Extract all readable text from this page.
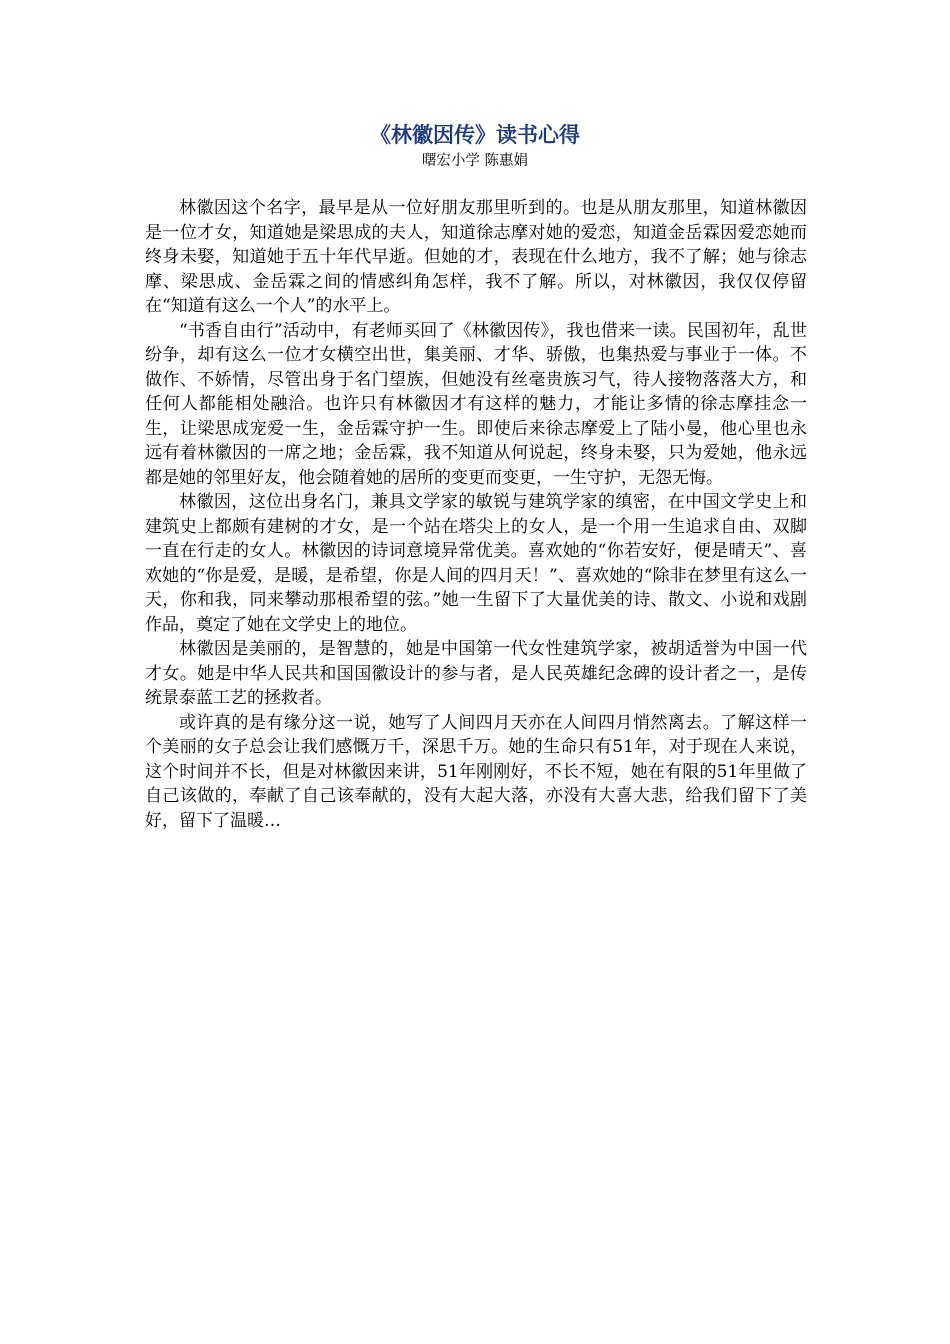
《林徽因传》读书心得
曙宏小学 陈惠娟

林徽因这个名字，最早是从一位好朋友那里听到的。也是从朋友那里，知道林徽因是一位才女，知道她是梁思成的夫人，知道徐志摩对她的爱恋，知道金岳霖因爱恋她而终身未娶，知道她于五十年代早逝。但她的才，表现在什么地方，我不了解；她与徐志摩、梁思成、金岳霖之间的情感纠角怎样，我不了解。所以，对林徽因，我仅仅停留在“知道有这么一个人”的水平上。

“书香自由行”活动中，有老师买回了《林徽因传》，我也借来一读。民国初年，乱世纷争，却有这么一位才女横空出世，集美丽、才华、骄傲，也集热爱与事业于一体。不做作、不娇情，尽管出身于名门望族，但她没有丝毫贵族习气，待人接物落落大方，和任何人都能相处融洽。也许只有林徽因才有这样的魅力，才能让多情的徐志摩挂念一生，让梁思成宠爱一生，金岳霖守护一生。即使后来徐志摩爱上了陆小曼，他心里也永远有着林徽因的一席之地；金岳霖，我不知道从何说起，终身未娶，只为爱她，他永远都是她的邻里好友，他会随着她的居所的变更而变更，一生守护，无怨无悔。

林徽因，这位出身名门，兼具文学家的敏锐与建筑学家的缜密，在中国文学史上和建筑史上都颇有建树的才女，是一个站在塔尖上的女人，是一个用一生追求自由、双脚一直在行走的女人。林徽因的诗词意境异常优美。喜欢她的“你若安好，便是晴天”、喜欢她的“你是爱，是暖，是希望，你是人间的四月天！”、喜欢她的“除非在梦里有这么一天，你和我，同来攀动那根希望的弦。”她一生留下了大量优美的诗、散文、小说和戏剧作品，奠定了她在文学史上的地位。

林徽因是美丽的，是智慧的，她是中国第一代女性建筑学家，被胡适誉为中国一代才女。她是中华人民共和国国徽设计的参与者，是人民英雄纪念碑的设计者之一，是传统景泰蓝工艺的拯救者。

或许真的是有缘分这一说，她写了人间四月天亦在人间四月悄然离去。了解这样一个美丽的女子总会让我们感慨万千，深思千万。她的生命只有51年，对于现在人来说，这个时间并不长，但是对林徽因来讲，51年刚刚好，不长不短，她在有限的51年里做了自己该做的，奉献了自己该奉献的，没有大起大落，亦没有大喜大悲，给我们留下了美好，留下了温暖…
